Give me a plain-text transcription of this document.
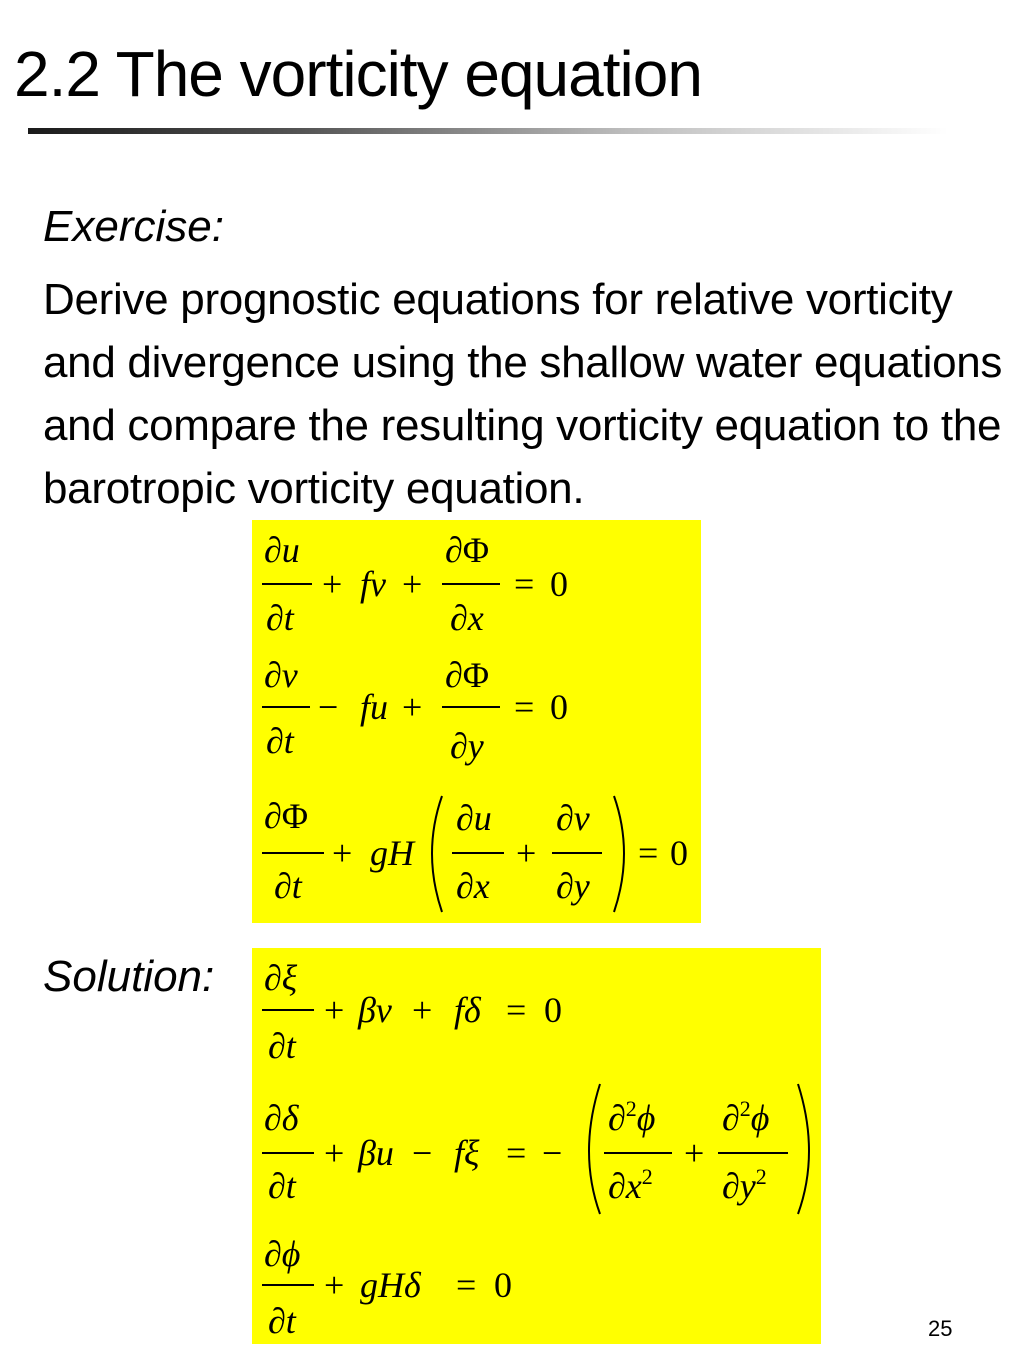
2.2 The vorticity equation

Exercise:

Derive prognostic equations for relative vorticity and divergence using the shallow water equations and compare the resulting vorticity equation to the barotropic vorticity equation.

∂u
∂t
+ fv +
∂Φ
∂x
= 0
∂v
∂t
− fu +
∂Φ
∂y
= 0
∂Φ
∂t
+ gH
∂u
∂x
+
∂v
∂y
= 0

Solution: ∂ξ
∂t
+ βv + fδ = 0
∂δ
∂t
+ βu − fξ = −
∂$^2$ϕ
$\partial x^2$
+
∂$^2$ϕ
$\partial y^2$
∂ϕ
∂t
+ gHδ = 0
25
